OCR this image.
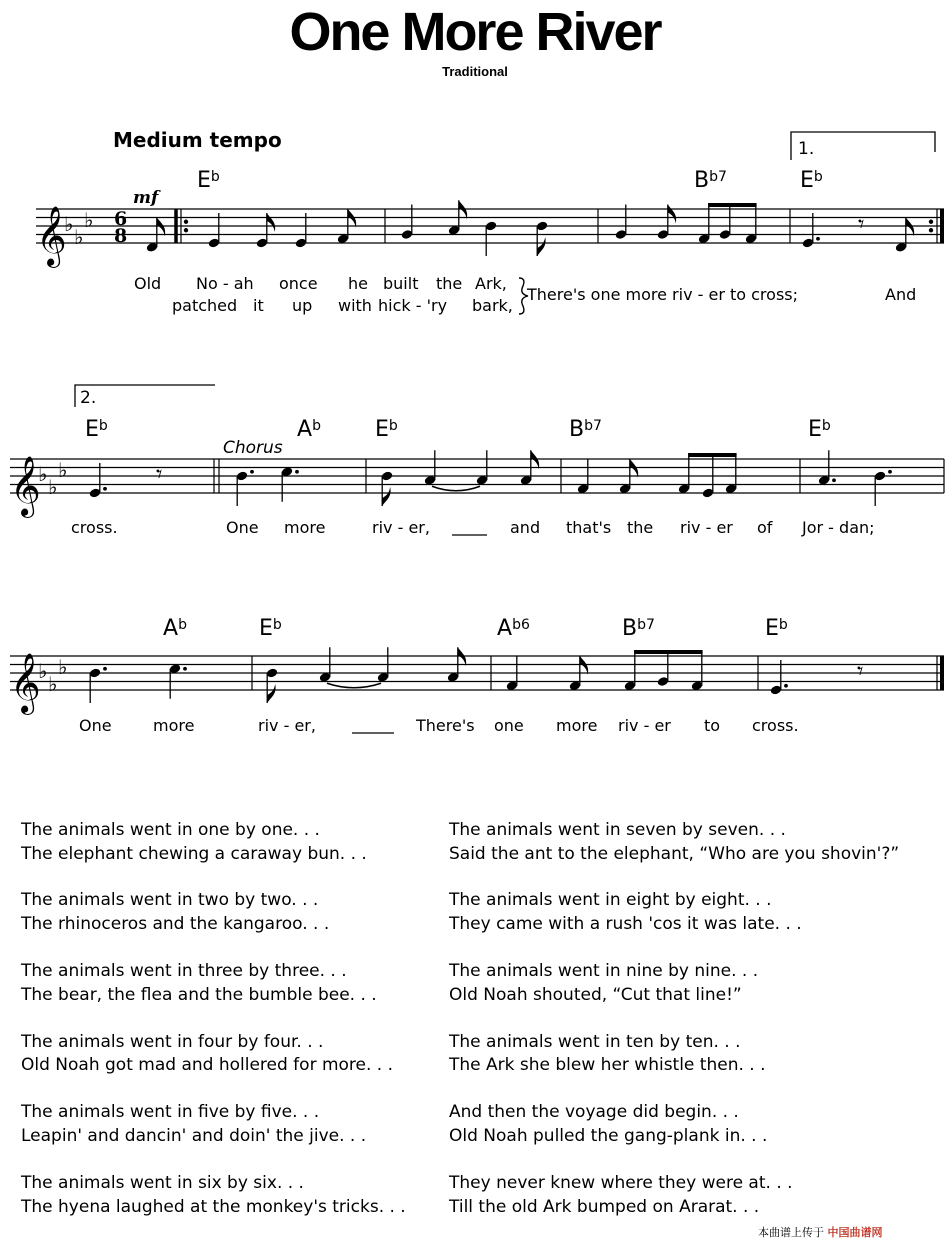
One More River
Traditional
Medium tempo
mf
Chorus
1.
2.
$E^b$	$B^{b7}$	$E^b$
$E^b$	$A^b$ $E^b$	$B^{b7}$	$E^b$
$A^b$	$E^b$	$A^{b6}$	$B^{b7}$	$E^b$
Old No - ah once he built the Ark,
patched it up with hick - 'ry bark,
There's one more riv - er to cross;	And
cross.	One more	riv - er,	and that's the riv - er of Jor - dan;
One	more	riv - er,	There's one more riv - er to cross.
The animals went in one by one. . .
The elephant chewing a caraway bun. . .
The animals went in two by two. . .
The rhinoceros and the kangaroo. . .
The animals went in three by three. . .
The bear, the flea and the bumble bee. . .
The animals went in four by four. . .
Old Noah got mad and hollered for more. . .
The animals went in five by five. . .
Leapin' and dancin' and doin' the jive. . .
The animals went in six by six. . .
The hyena laughed at the monkey's tricks. . .
The animals went in seven by seven. . .
Said the ant to the elephant, “Who are you shovin'?”
The animals went in eight by eight. . .
They came with a rush 'cos it was late. . .
The animals went in nine by nine. . .
Old Noah shouted, “Cut that line!”
The animals went in ten by ten. . .
The Ark she blew her whistle then. . .
And then the voyage did begin. . .
Old Noah pulled the gang-plank in. . .
They never knew where they were at. . .
Till the old Ark bumped on Ararat. . .
本曲谱上传于 中国曲谱网
𝄞
♭
♭
♭ 6
8	𝄾
𝄞
♭
♭
♭	𝄾
𝄞
♭
♭
♭	𝄾
